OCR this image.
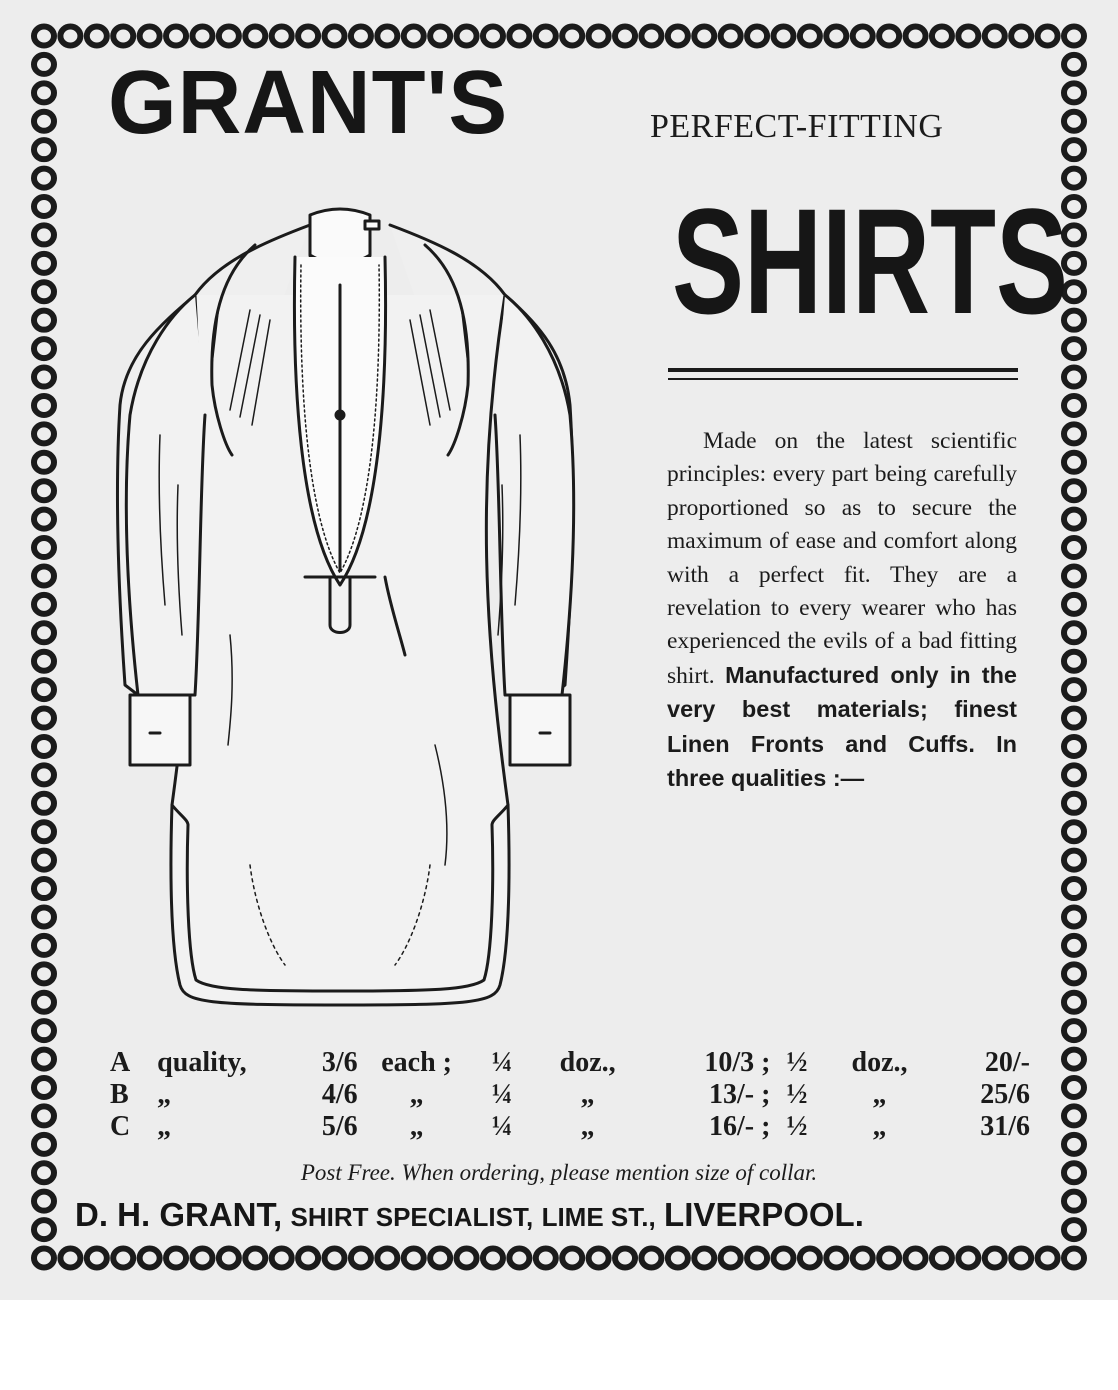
GRANT'S	PERFECT-FITTING
SHIRTS

Made on the latest scientific principles: every part being carefully proportioned so as to secure the maximum of ease and comfort along with a perfect fit. They are a revelation to every wearer who has experienced the evils of a bad fitting shirt. Manufactured only in the very best materials; finest Linen Fronts and Cuffs. In three qualities :—

A	quality,	3/6	each ;	¼	doz.,	10/3 ;	½	doz.,	20/-
B	„	4/6	„	¼	„	13/- ;	½	„	25/6
C	„	5/6	„	¼	„	16/- ;	½	„	31/6
Post Free. When ordering, please mention size of collar.
D. H. GRANT, SHIRT SPECIALIST, LIME ST., LIVERPOOL.
